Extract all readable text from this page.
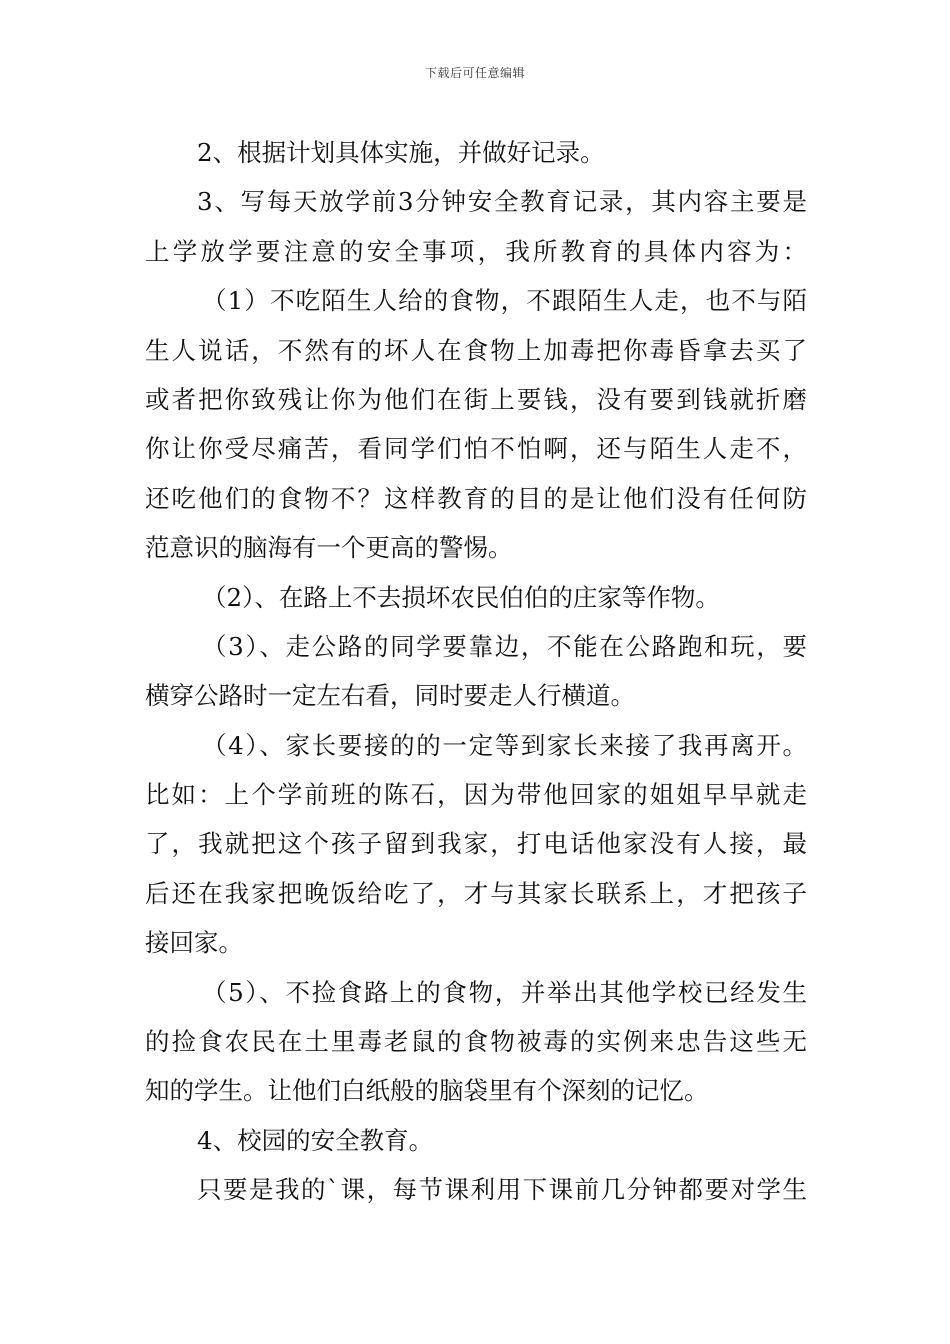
下载后可任意编辑
2、根据计划具体实施，并做好记录。
3、写每天放学前3分钟安全教育记录，其内容主要是
上学放学要注意的安全事项，我所教育的具体内容为：
（1）不吃陌生人给的食物，不跟陌生人走，也不与陌
生人说话，不然有的坏人在食物上加毒把你毒昏拿去买了
或者把你致残让你为他们在街上要钱，没有要到钱就折磨
你让你受尽痛苦，看同学们怕不怕啊，还与陌生人走不，
还吃他们的食物不？这样教育的目的是让他们没有任何防
范意识的脑海有一个更高的警惕。
（2）、在路上不去损坏农民伯伯的庄家等作物。
（3）、走公路的同学要靠边，不能在公路跑和玩，要
横穿公路时一定左右看，同时要走人行横道。
（4）、家长要接的的一定等到家长来接了我再离开。
比如：上个学前班的陈石，因为带他回家的姐姐早早就走
了，我就把这个孩子留到我家，打电话他家没有人接，最
后还在我家把晚饭给吃了，才与其家长联系上，才把孩子
接回家。
（5）、不捡食路上的食物，并举出其他学校已经发生
的捡食农民在土里毒老鼠的食物被毒的实例来忠告这些无
知的学生。让他们白纸般的脑袋里有个深刻的记忆。
4、校园的安全教育。
只要是我的`课，每节课利用下课前几分钟都要对学生
